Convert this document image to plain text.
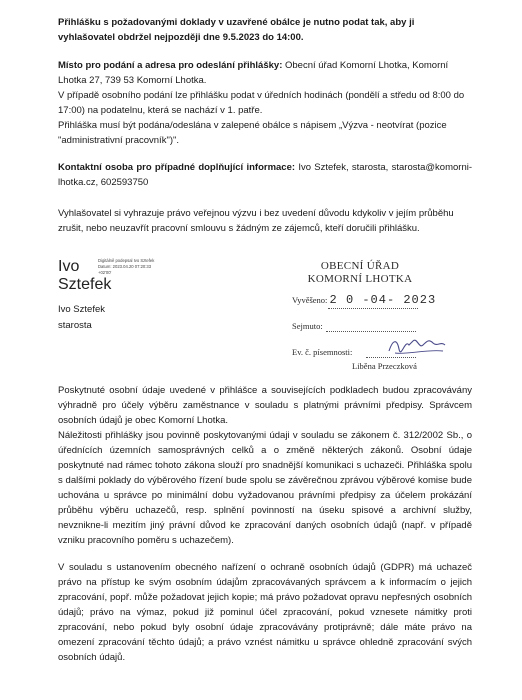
Přihlášku s požadovanými doklady v uzavřené obálce je nutno podat tak, aby ji vyhlašovatel obdržel nejpozději dne 9.5.2023 do 14:00.

Místo pro podání a adresa pro odeslání přihlášky: Obecní úřad Komorní Lhotka, Komorní Lhotka 27, 739 53 Komorní Lhotka.

V případě osobního podání lze přihlášku podat v úředních hodinách (pondělí a středu od 8:00 do 17:00) na podatelnu, která se nachází v 1. patře.

Přihláška musí být podána/odeslána v zalepené obálce s nápisem „Výzva - neotvírat (pozice "administrativní pracovník")".

Kontaktní osoba pro případné doplňující informace: Ivo Sztefek, starosta, starosta@komorni-lhotka.cz, 602593750

Vyhlašovatel si vyhrazuje právo veřejnou výzvu i bez uvedení důvodu kdykoliv v jejím průběhu zrušit, nebo neuzavřít pracovní smlouvu s žádným ze zájemců, kteří doručili přihlášku.

Ivo
Sztefek
Digitálně podepsal Ivo Sztefek Datum: 2023.04.20 07:20:33 +02'00'
Ivo Sztefek
starosta
OBECNÍ ÚŘAD
KOMORNÍ LHOTKA
Vyvěšeno: 2 0 -04- 2023
Sejmuto:
Ev. č. písemnosti:
Liběna Przeczková

Poskytnuté osobní údaje uvedené v přihlášce a souvisejících podkladech budou zpracovávány výhradně pro účely výběru zaměstnance v souladu s platnými právními předpisy. Správcem osobních údajů je obec Komorní Lhotka.

Náležitosti přihlášky jsou povinně poskytovanými údaji v souladu se zákonem č. 312/2002 Sb., o úřednících územních samosprávných celků a o změně některých zákonů. Osobní údaje poskytnuté nad rámec tohoto zákona slouží pro snadnější komunikaci s uchazeči. Přihláška spolu s dalšími poklady do výběrového řízení bude spolu se závěrečnou zprávou výběrové komise bude uchována u správce po minimální dobu vyžadovanou právními předpisy za účelem prokázání průběhu výběru uchazečů, resp. splnění povinností na úseku spisové a archivní služby, nevznikne-li mezitím jiný právní důvod ke zpracování daných osobních údajů (např. v případě vzniku pracovního poměru s uchazečem).

V souladu s ustanovením obecného nařízení o ochraně osobních údajů (GDPR) má uchazeč právo na přístup ke svým osobním údajům zpracovávaných správcem a k informacím o jejich zpracování, popř. může požadovat jejich kopie; má právo požadovat opravu nepřesných osobních údajů; právo na výmaz, pokud již pominul účel zpracování, pokud vznesete námitky proti zpracování, nebo pokud byly osobní údaje zpracovávány protiprávně; dále máte právo na omezení zpracování těchto údajů; a právo vznést námitku u správce ohledně zpracování svých osobních údajů.
